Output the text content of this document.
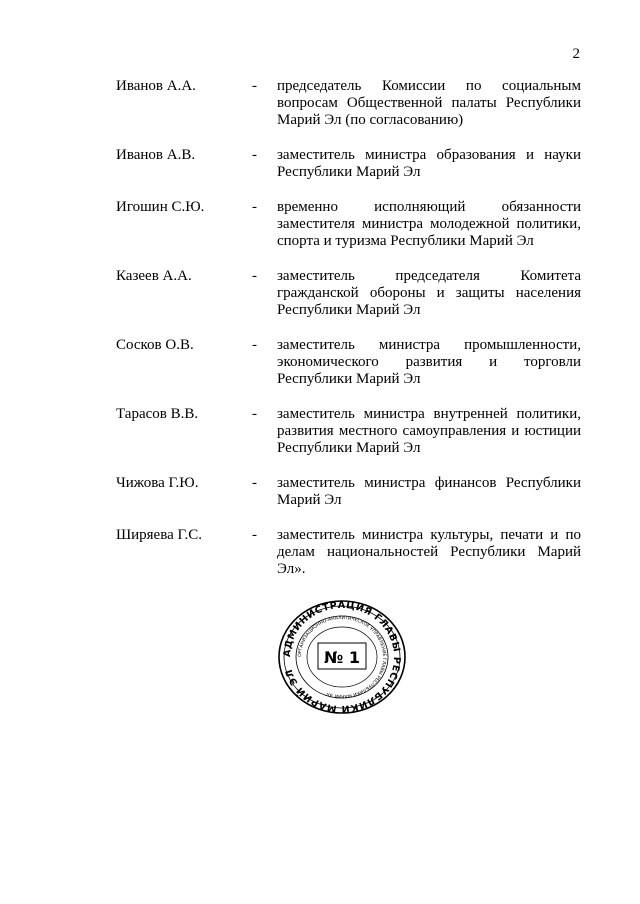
2
Иванов А.А.	- председатель Комиссии по социальным вопросам Общественной палаты Республики Марий Эл (по согласованию)
Иванов А.В.	- заместитель министра образования и науки Республики Марий Эл
Игошин С.Ю.	- временно исполняющий обязанности заместителя министра молодежной политики, спорта и туризма Республики Марий Эл
Казеев А.А.	- заместитель председателя Комитета гражданской обороны и защиты населения Республики Марий Эл
Сосков О.В.	- заместитель министра промышленности, экономического развития и торговли Республики Марий Эл
Тарасов В.В.	- заместитель министра внутренней политики, развития местного самоуправления и юстиции Республики Марий Эл
Чижова Г.Ю.	- заместитель министра финансов Республики Марий Эл
Ширяева Г.С.	- заместитель министра культуры, печати и по делам национальностей Республики Марий Эл».
АДМИНИСТРАЦИЯ ГЛАВЫ РЕСПУБЛИКИ МАРИЙ ЭЛ
ОРГАНИЗАЦИОННО-АНАЛИТИЧЕСКОЕ УПРАВЛЕНИЕ ГЛАВЫ РЕСПУБЛИКИ МАРИЙ ЭЛ
№ 1
